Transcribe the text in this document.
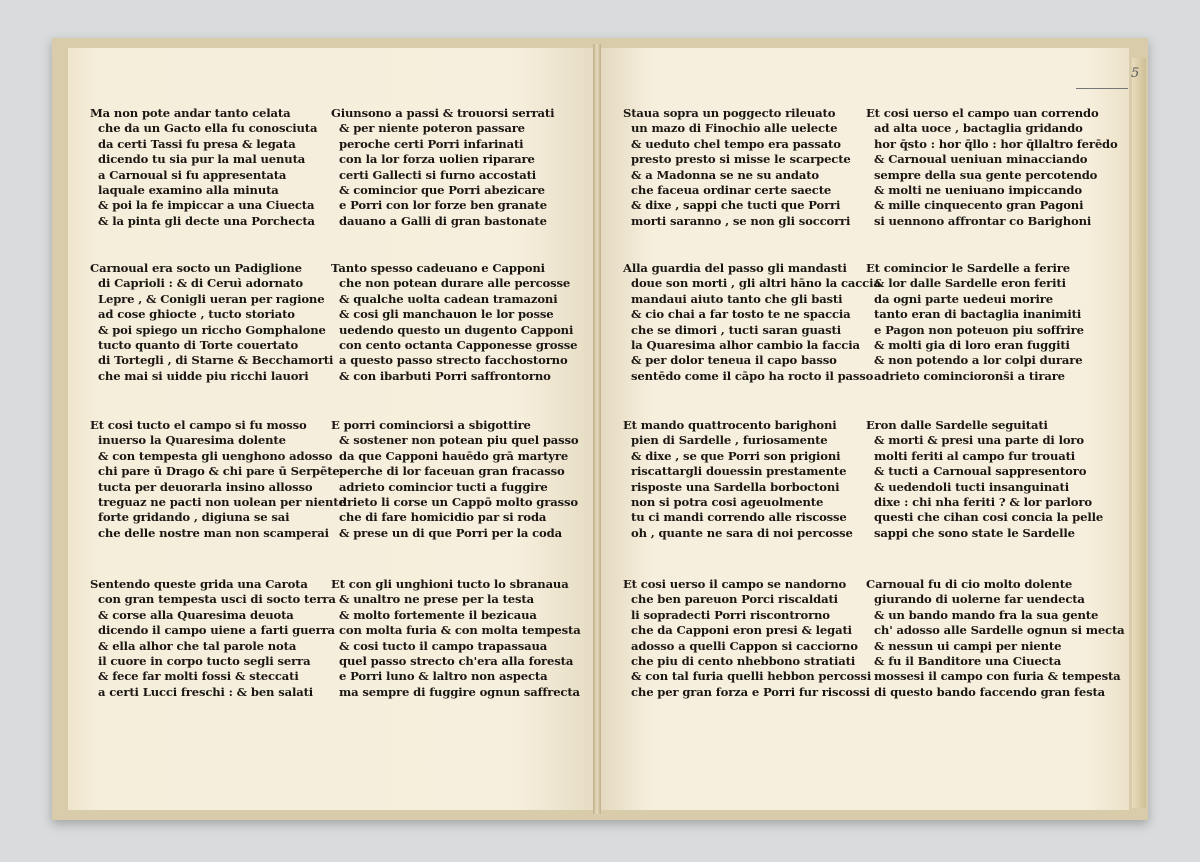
5
Ma non pote andar tanto celata
che da un Gacto ella fu conosciuta
da certi Tassi fu presa & legata
dicendo tu sia pur la mal uenuta
a Carnoual si fu appresentata
laquale examino alla minuta
& poi la fe impiccar a una Ciuecta
& la pinta gli decte una Porchecta
Giunsono a passi & trouorsi serrati
& per niente poteron passare
peroche certi Porri infarinati
con la lor forza uolien riparare
certi Gallecti si furno accostati
& comincior que Porri abezicare
e Porri con lor forze ben granate
dauano a Galli di gran bastonate
Carnoual era socto un Padiglione
di Caprioli : & di Ceruì adornato
Lepre , & Conigli ueran per ragione
ad cose ghiocte , tucto storiato
& poi spiego un riccho Gomphalone
tucto quanto di Torte couertato
di Tortegli , di Starne & Becchamorti
che mai si uidde piu ricchi lauori
Tanto spesso cadeuano e Capponi
che non potean durare alle percosse
& qualche uolta cadean tramazoni
& cosi gli manchauon le lor posse
uedendo questo un dugento Capponi
con cento octanta Capponesse grosse
a questo passo strecto facchostorno
& con ibarbuti Porri saffrontorno
Et cosi tucto el campo si fu mosso
inuerso la Quaresima dolente
& con tempesta gli uenghono adosso
chi pare ū Drago & chi pare ū Serpēte
tucta per deuorarla insino allosso
treguaz ne pacti non uolean per niente
forte gridando , digiuna se sai
che delle nostre man non scamperai
E porri cominciorsi a sbigottire
& sostener non potean piu quel passo
da que Capponi hauēdo grā martyre
perche di lor faceuan gran fracasso
adrieto comincior tucti a fuggire
drieto li corse un Cappō molto grasso
che di fare homicidio par si roda
& prese un di que Porri per la coda
Sentendo queste grida una Carota
con gran tempesta usci di socto terra
& corse alla Quaresima deuota
dicendo il campo uiene a farti guerra
& ella alhor che tal parole nota
il cuore in corpo tucto segli serra
& fece far molti fossi & steccati
a certi Lucci freschi : & ben salati
Et con gli unghioni tucto lo sbranaua
& unaltro ne prese per la testa
& molto fortemente il bezicaua
con molta furia & con molta tempesta
& cosi tucto il campo trapassaua
quel passo strecto ch'era alla foresta
e Porri luno & laltro non aspecta
ma sempre di fuggire ognun saffrecta
Staua sopra un poggecto rileuato
un mazo di Finochio alle uelecte
& ueduto chel tempo era passato
presto presto si misse le scarpecte
& a Madonna se ne su andato
che faceua ordinar certe saecte
& dixe , sappi che tucti que Porri
morti saranno , se non gli soccorri
Et cosi uerso el campo uan correndo
ad alta uoce , bactaglia gridando
hor q̄sto : hor q̄llo : hor q̄llaltro ferēdo
& Carnoual ueniuan minacciando
sempre della sua gente percotendo
& molti ne ueniuano impiccando
& mille cinquecento gran Pagoni
si uennono affrontar co Barighoni
Alla guardia del passo gli mandasti
doue son morti , gli altri hāno la caccia
mandaui aiuto tanto che gli basti
& cio chai a far tosto te ne spaccia
che se dimori , tucti saran guasti
la Quaresima alhor cambio la faccia
& per dolor teneua il capo basso
sentēdo come il cāpo ha rocto il passo
Et comincior le Sardelle a ferire
& lor dalle Sardelle eron feriti
da ogni parte uedeui morire
tanto eran di bactaglia inanimiti
e Pagon non poteuon piu soffrire
& molti gia di loro eran fuggiti
& non potendo a lor colpi durare
adrieto cominciorons̄i a tirare
Et mando quattrocento barighoni
pien di Sardelle , furiosamente
& dixe , se que Porri son prigioni
riscattargli douessin prestamente
risposte una Sardella borboctoni
non si potra cosi ageuolmente
tu ci mandi correndo alle riscosse
oh , quante ne sara di noi percosse
Eron dalle Sardelle seguitati
& morti & presi una parte di loro
molti feriti al campo fur trouati
& tucti a Carnoual sappresentoro
& uedendoli tucti insanguinati
dixe : chi nha feriti ? & lor parloro
questi che cihan cosi concia la pelle
sappi che sono state le Sardelle
Et cosi uerso il campo se nandorno
che ben pareuon Porci riscaldati
li sopradecti Porri riscontrorno
che da Capponi eron presi & legati
adosso a quelli Cappon si cacciorno
che piu di cento nhebbono stratiati
& con tal furia quelli hebbon percossi
che per gran forza e Porri fur riscossi
Carnoual fu di cio molto dolente
giurando di uolerne far uendecta
& un bando mando fra la sua gente
ch' adosso alle Sardelle ognun si mecta
& nessun ui campi per niente
& fu il Banditore una Ciuecta
mossesi il campo con furia & tempesta
di questo bando faccendo gran festa
